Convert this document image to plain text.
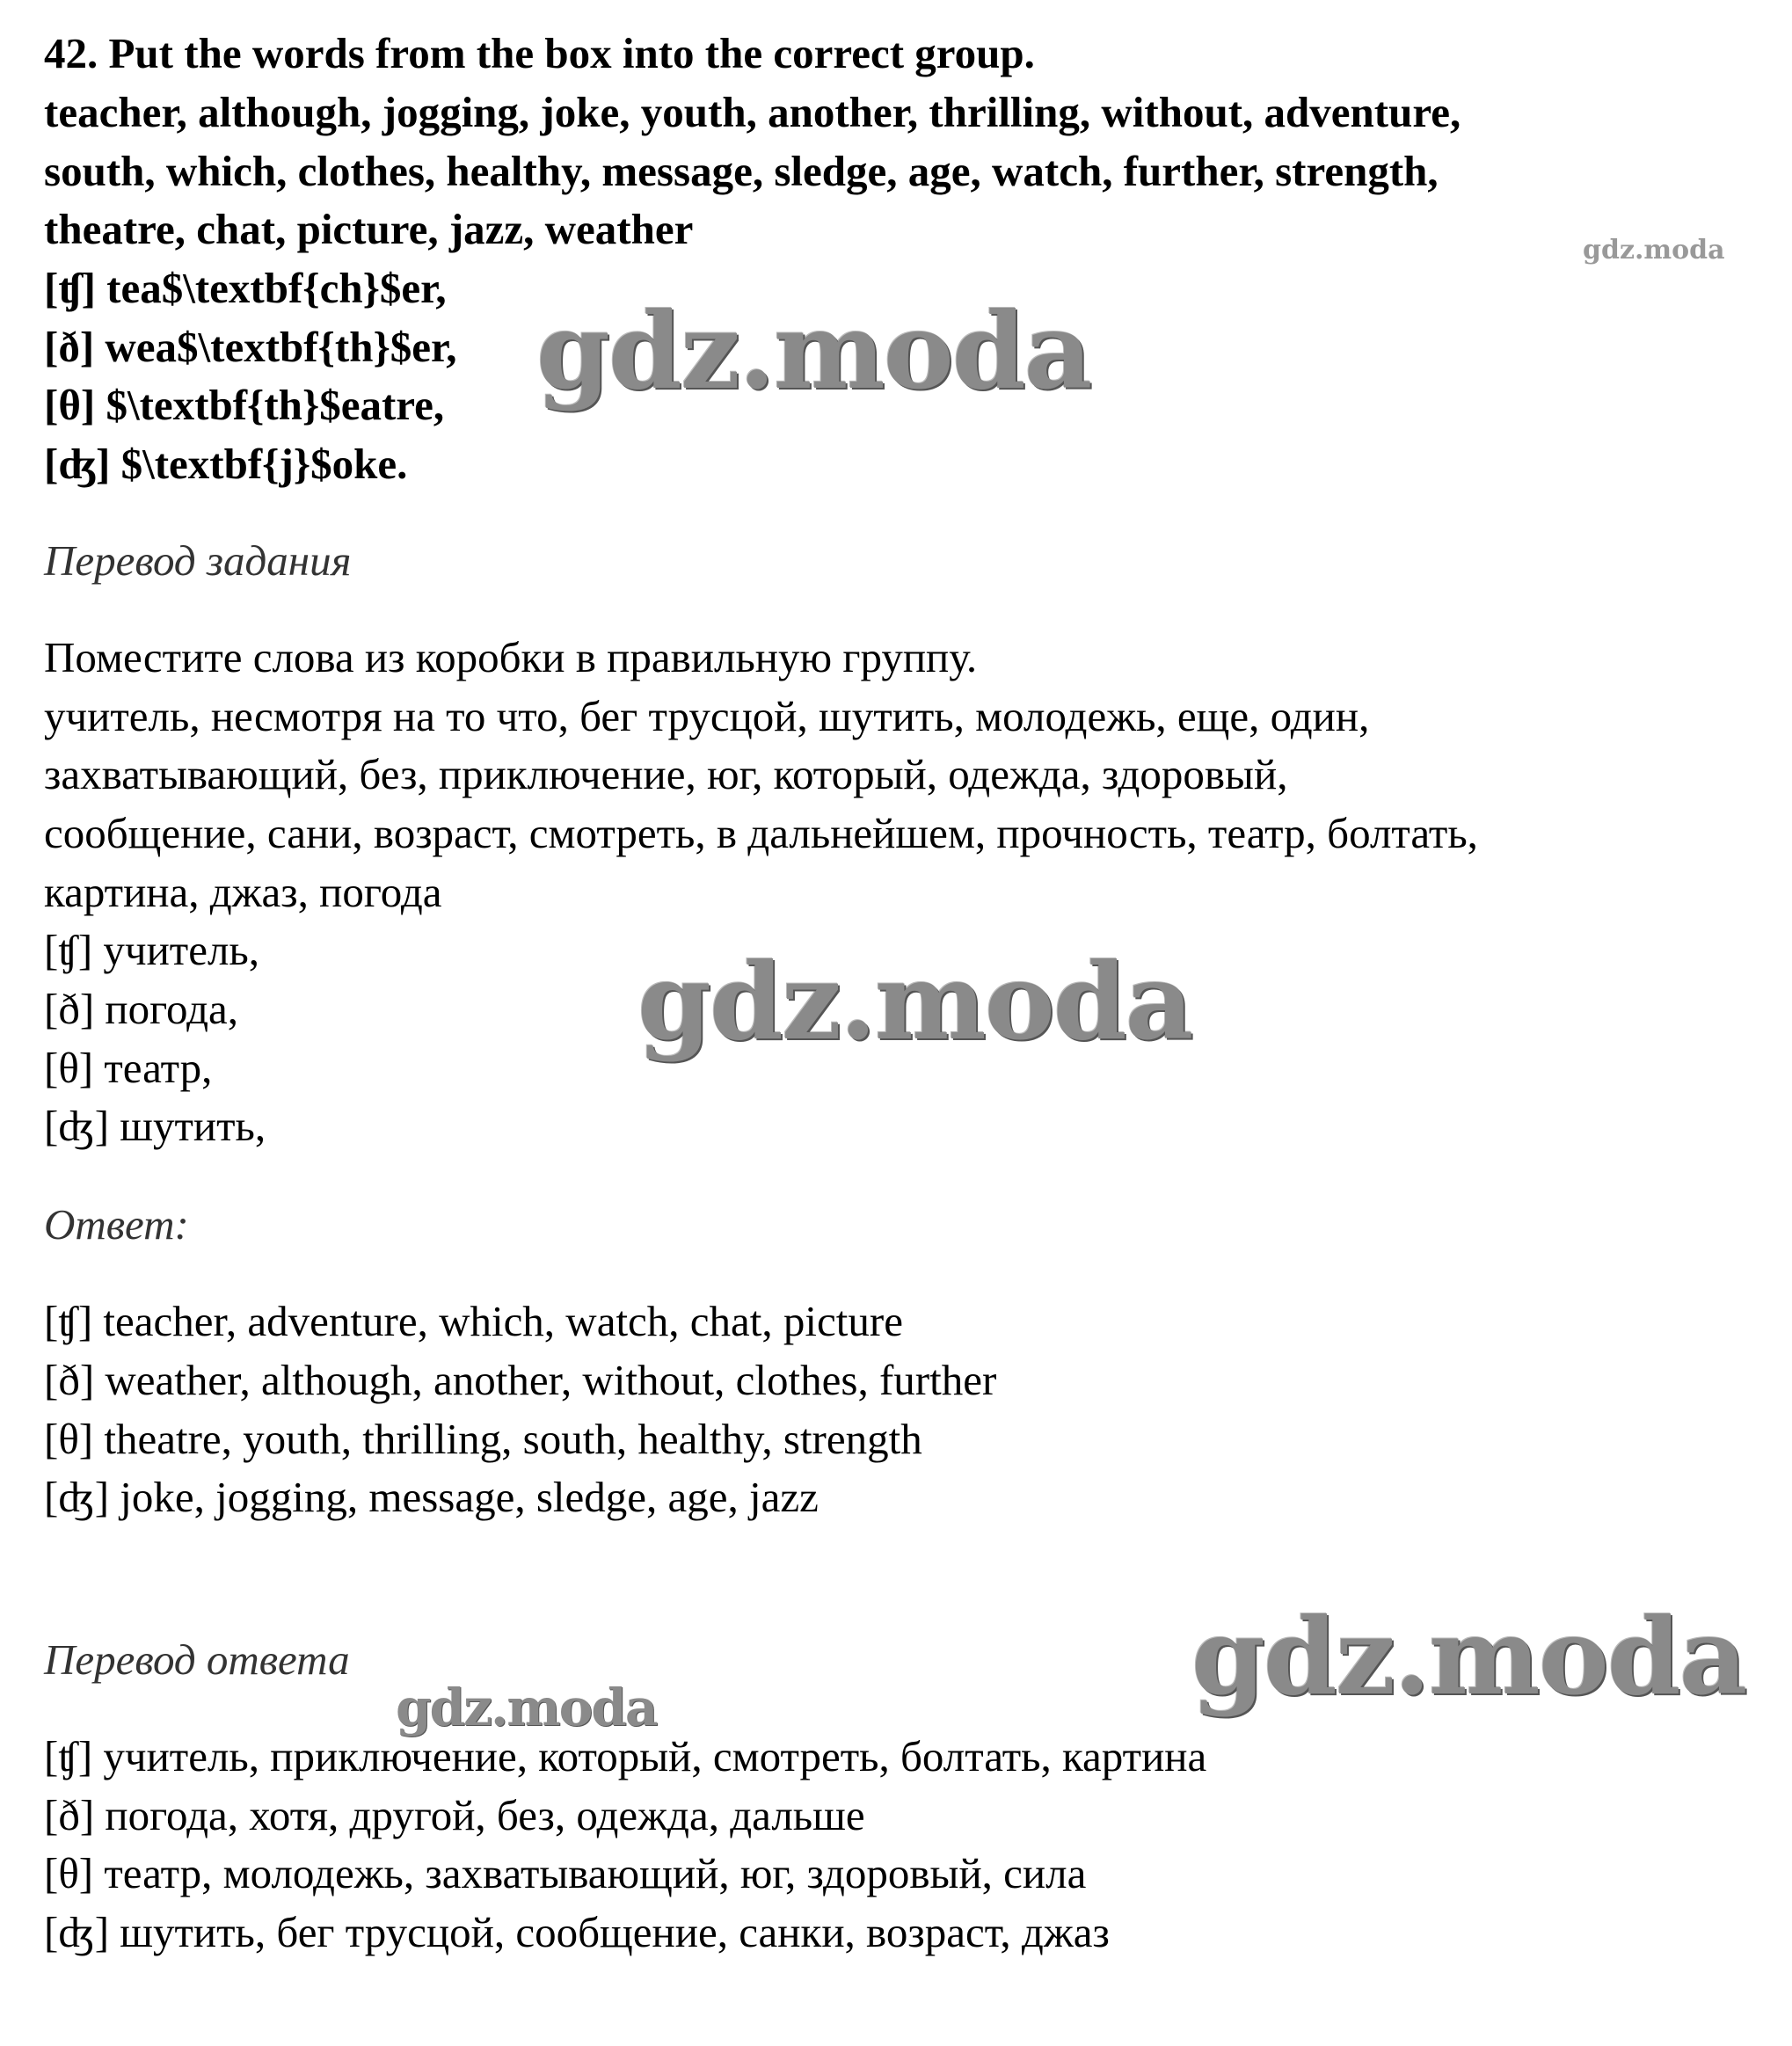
42. Put the words from the box into the correct group.
teacher, although, jogging, joke, youth, another, thrilling, without, adventure,
south, which, clothes, healthy, message, sledge, age, watch, further, strength,
theatre, chat, picture, jazz, weather
[ʧ] tea$\textbf{ch}$er,
[ð] wea$\textbf{th}$er,
[θ] $\textbf{th}$eatre,
[ʤ] $\textbf{j}$oke.
Перевод задания
Поместите слова из коробки в правильную группу.
учитель, несмотря на то что, бег трусцой, шутить, молодежь, еще, один,
захватывающий, без, приключение, юг, который, одежда, здоровый,
сообщение, сани, возраст, смотреть, в дальнейшем, прочность, театр, болтать,
картина, джаз, погода
[ʧ] учитель,
[ð] погода,
[θ] театр,
[ʤ] шутить,
Ответ:
[ʧ] teacher, adventure, which, watch, chat, picture
[ð] weather, although, another, without, clothes, further
[θ] theatre, youth, thrilling, south, healthy, strength
[ʤ] joke, jogging, message, sledge, age, jazz
Перевод ответа
[ʧ] учитель, приключение, который, смотреть, болтать, картина
[ð] погода, хотя, другой, без, одежда, дальше
[θ] театр, молодежь, захватывающий, юг, здоровый, сила
[ʤ] шутить, бег трусцой, сообщение, санки, возраст, джаз
gdz.moda
gdz.moda
gdz.moda
gdz.moda
gdz.moda
